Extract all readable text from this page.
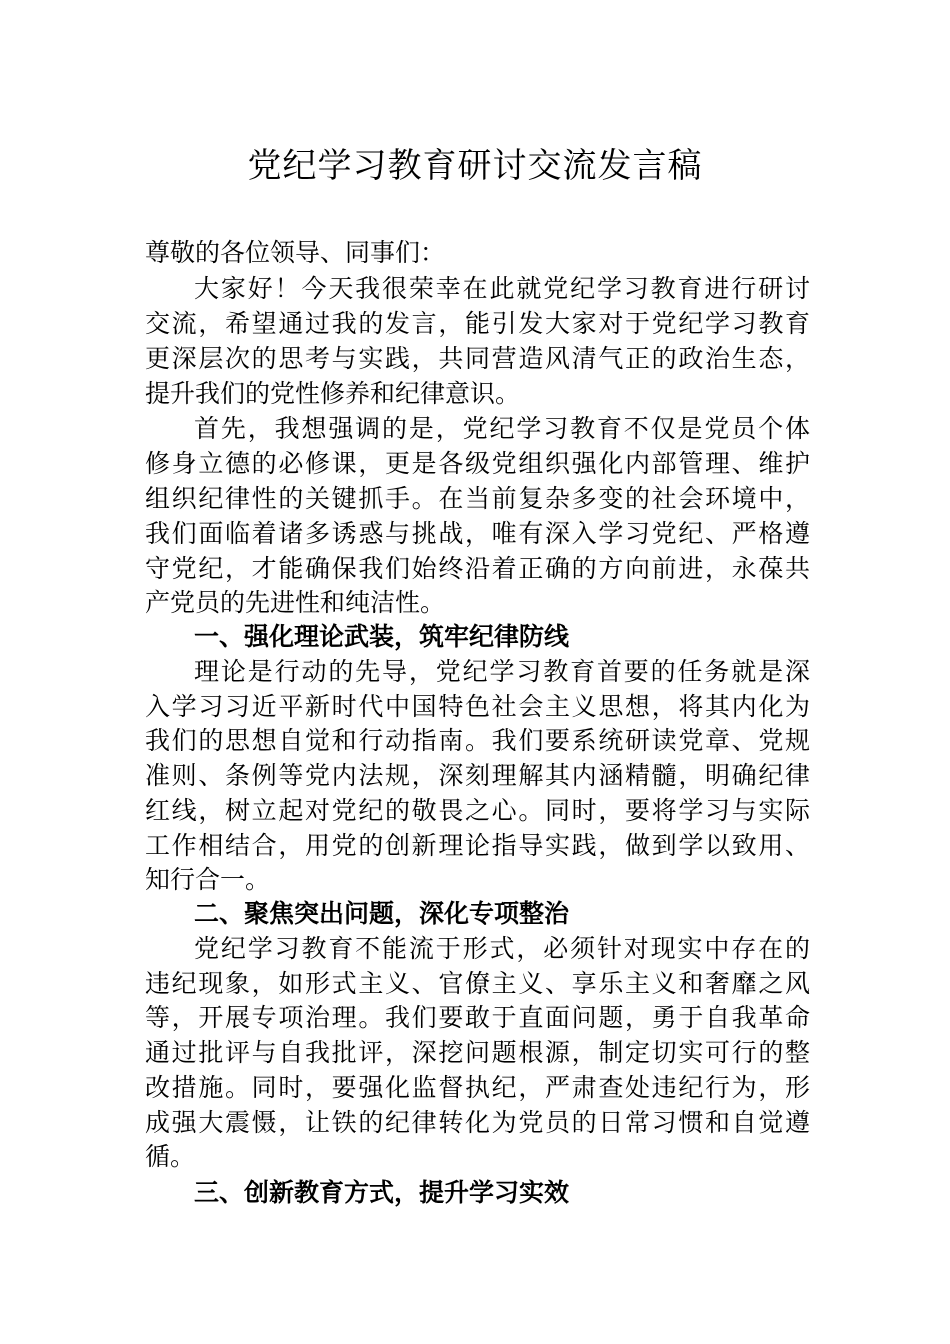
党纪学习教育研讨交流发言稿

尊敬的各位领导、同事们：

大家好！今天我很荣幸在此就党纪学习教育进行研讨

交流，希望通过我的发言，能引发大家对于党纪学习教育

更深层次的思考与实践，共同营造风清气正的政治生态，

提升我们的党性修养和纪律意识。

首先，我想强调的是，党纪学习教育不仅是党员个体

修身立德的必修课，更是各级党组织强化内部管理、维护

组织纪律性的关键抓手。在当前复杂多变的社会环境中，

我们面临着诸多诱惑与挑战，唯有深入学习党纪、严格遵

守党纪，才能确保我们始终沿着正确的方向前进，永葆共

产党员的先进性和纯洁性。

一、强化理论武装，筑牢纪律防线

理论是行动的先导，党纪学习教育首要的任务就是深

入学习习近平新时代中国特色社会主义思想，将其内化为

我们的思想自觉和行动指南。我们要系统研读党章、党规

准则、条例等党内法规，深刻理解其内涵精髓，明确纪律

红线，树立起对党纪的敬畏之心。同时，要将学习与实际

工作相结合，用党的创新理论指导实践，做到学以致用、

知行合一。

二、聚焦突出问题，深化专项整治

党纪学习教育不能流于形式，必须针对现实中存在的

违纪现象，如形式主义、官僚主义、享乐主义和奢靡之风

等，开展专项治理。我们要敢于直面问题，勇于自我革命

通过批评与自我批评，深挖问题根源，制定切实可行的整

改措施。同时，要强化监督执纪，严肃查处违纪行为，形

成强大震慑，让铁的纪律转化为党员的日常习惯和自觉遵

循。

三、创新教育方式，提升学习实效
